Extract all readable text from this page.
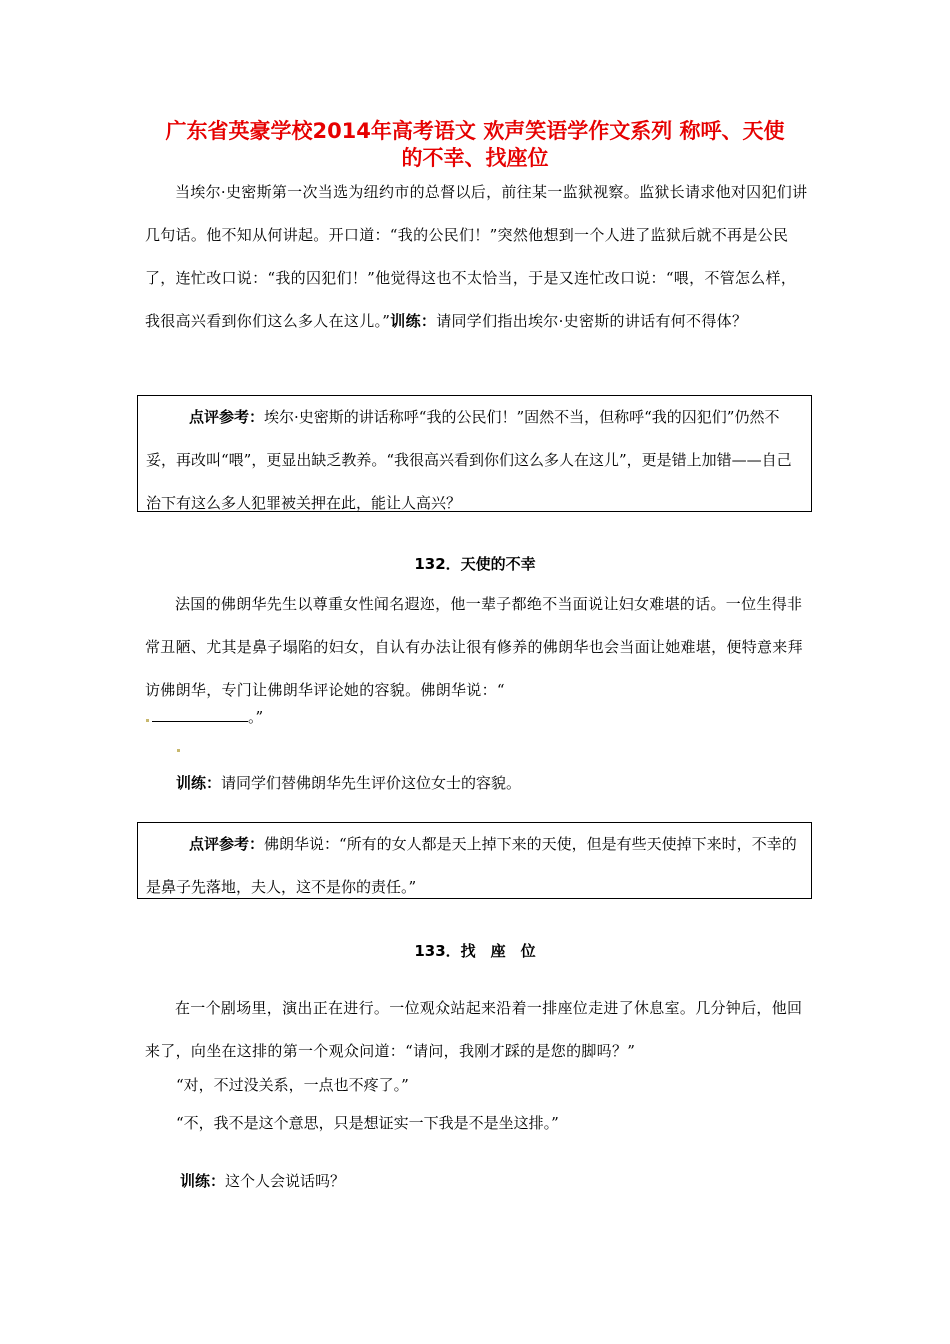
广东省英豪学校2014年高考语文 欢声笑语学作文系列 称呼、天使
的不幸、找座位
当埃尔·史密斯第一次当选为纽约市的总督以后，前往某一监狱视察。监狱长请求他对囚犯们讲几句话。他不知从何讲起。开口道：“我的公民们！”突然他想到一个人进了监狱后就不再是公民了，连忙改口说：“我的囚犯们！”他觉得这也不太恰当，于是又连忙改口说：“喂，不管怎么样，我很高兴看到你们这么多人在这儿。”训练：请同学们指出埃尔·史密斯的讲话有何不得体？
点评参考：埃尔·史密斯的讲话称呼“我的公民们！”固然不当，但称呼“我的囚犯们”仍然不妥，再改叫“喂”，更显出缺乏教养。“我很高兴看到你们这么多人在这儿”，更是错上加错——自己治下有这么多人犯罪被关押在此，能让人高兴？
132．天使的不幸
法国的佛朗华先生以尊重女性闻名遐迩，他一辈子都绝不当面说让妇女难堪的话。一位生得非常丑陋、尤其是鼻子塌陷的妇女，自认有办法让很有修养的佛朗华也会当面让她难堪，便特意来拜访佛朗华，专门让佛朗华评论她的容貌。佛朗华说：“
。”
训练：请同学们替佛朗华先生评价这位女士的容貌。
点评参考：佛朗华说：“所有的女人都是天上掉下来的天使，但是有些天使掉下来时，不幸的是鼻子先落地，夫人，这不是你的责任。”
133．找　座　位
在一个剧场里，演出正在进行。一位观众站起来沿着一排座位走进了休息室。几分钟后，他回来了，向坐在这排的第一个观众问道：“请问，我刚才踩的是您的脚吗？”
“对，不过没关系，一点也不疼了。”
“不，我不是这个意思，只是想证实一下我是不是坐这排。”
训练：这个人会说话吗？
